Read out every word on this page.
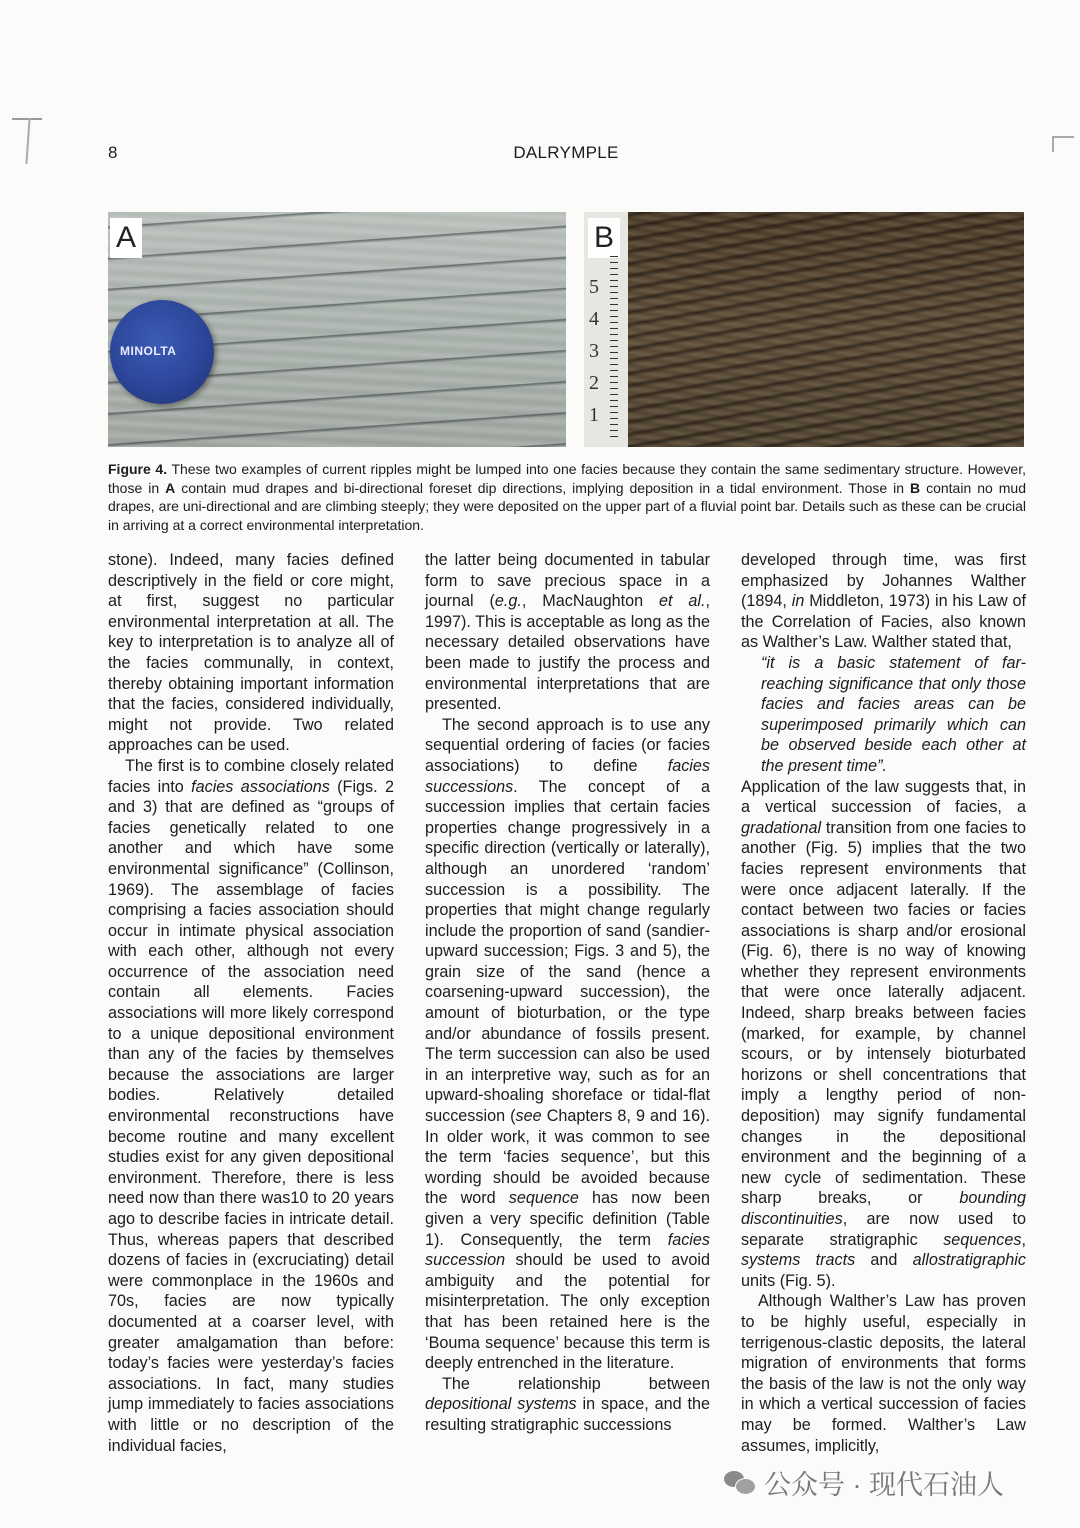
8	DALRYMPLE
A
MINOLTA
B
5
4
3
2
1
Figure 4. These two examples of current ripples might be lumped into one facies because they contain the same sedimentary structure. However, those in A contain mud drapes and bi-directional foreset dip directions, implying deposition in a tidal environment. Those in B contain no mud drapes, are uni-directional and are climbing steeply; they were deposited on the upper part of a fluvial point bar. Details such as these can be crucial in arriving at a correct environmental interpretation.

stone). Indeed, many facies defined descriptively in the field or core might, at first, suggest no particular environmental interpretation at all. The key to interpretation is to analyze all of the facies communally, in context, thereby obtaining important information that the facies, considered individually, might not provide. Two related approaches can be used.

The first is to combine closely related facies into facies associations (Figs. 2 and 3) that are defined as “groups of facies genetically related to one another and which have some environmental significance” (Collinson, 1969). The assemblage of facies comprising a facies association should occur in intimate physical association with each other, although not every occurrence of the association need contain all elements. Facies associations will more likely correspond to a unique depositional environment than any of the facies by themselves because the associations are larger bodies. Relatively detailed environmental reconstructions have become routine and many excellent studies exist for any given depositional environment. Therefore, there is less need now than there was10 to 20 years ago to describe facies in intricate detail. Thus, whereas papers that described dozens of facies in (excruciating) detail were commonplace in the 1960s and 70s, facies are now typically documented at a coarser level, with greater amalgamation than before: today’s facies were yesterday’s facies associations. In fact, many studies jump immediately to facies associations with little or no description of the individual facies,

the latter being documented in tabular form to save precious space in a journal (e.g., MacNaughton et al., 1997). This is acceptable as long as the necessary detailed observations have been made to justify the process and environmental interpretations that are presented.

The second approach is to use any sequential ordering of facies (or facies associations) to define facies successions. The concept of a succession implies that certain facies properties change progressively in a specific direction (vertically or laterally), although an unordered ‘random’ succession is a possibility. The properties that might change regularly include the proportion of sand (sandier-upward succession; Figs. 3 and 5), the grain size of the sand (hence a coarsening-upward succession), the amount of bioturbation, or the type and/or abundance of fossils present. The term succession can also be used in an interpretive way, such as for an upward-shoaling shoreface or tidal-flat succession (see Chapters 8, 9 and 16). In older work, it was common to see the term ‘facies sequence’, but this wording should be avoided because the word sequence has now been given a very specific definition (Table 1). Consequently, the term facies succession should be used to avoid ambiguity and the potential for misinterpretation. The only exception that has been retained here is the ‘Bouma sequence’ because this term is deeply entrenched in the literature.

The relationship between depositional systems in space, and the resulting stratigraphic successions

developed through time, was first emphasized by Johannes Walther (1894, in Middleton, 1973) in his Law of the Correlation of Facies, also known as Walther’s Law. Walther stated that,

“it is a basic statement of far-reaching significance that only those facies and facies areas can be superimposed primarily which can be observed beside each other at the present time”.

Application of the law suggests that, in a vertical succession of facies, a gradational transition from one facies to another (Fig. 5) implies that the two facies represent environments that were once adjacent laterally. If the contact between two facies or facies associations is sharp and/or erosional (Fig. 6), there is no way of knowing whether they represent environments that were once laterally adjacent. Indeed, sharp breaks between facies (marked, for example, by channel scours, or by intensely bioturbated horizons or shell concentrations that imply a lengthy period of non-deposition) may signify fundamental changes in the depositional environment and the beginning of a new cycle of sedimentation. These sharp breaks, or bounding discontinuities, are now used to separate stratigraphic sequences, systems tracts and allostratigraphic units (Fig. 5).

Although Walther’s Law has proven to be highly useful, especially in terrigenous-clastic deposits, the lateral migration of environments that forms the basis of the law is not the only way in which a vertical succession of facies may be formed. Walther’s Law assumes, implicitly,

公众号 · 现代石油人
